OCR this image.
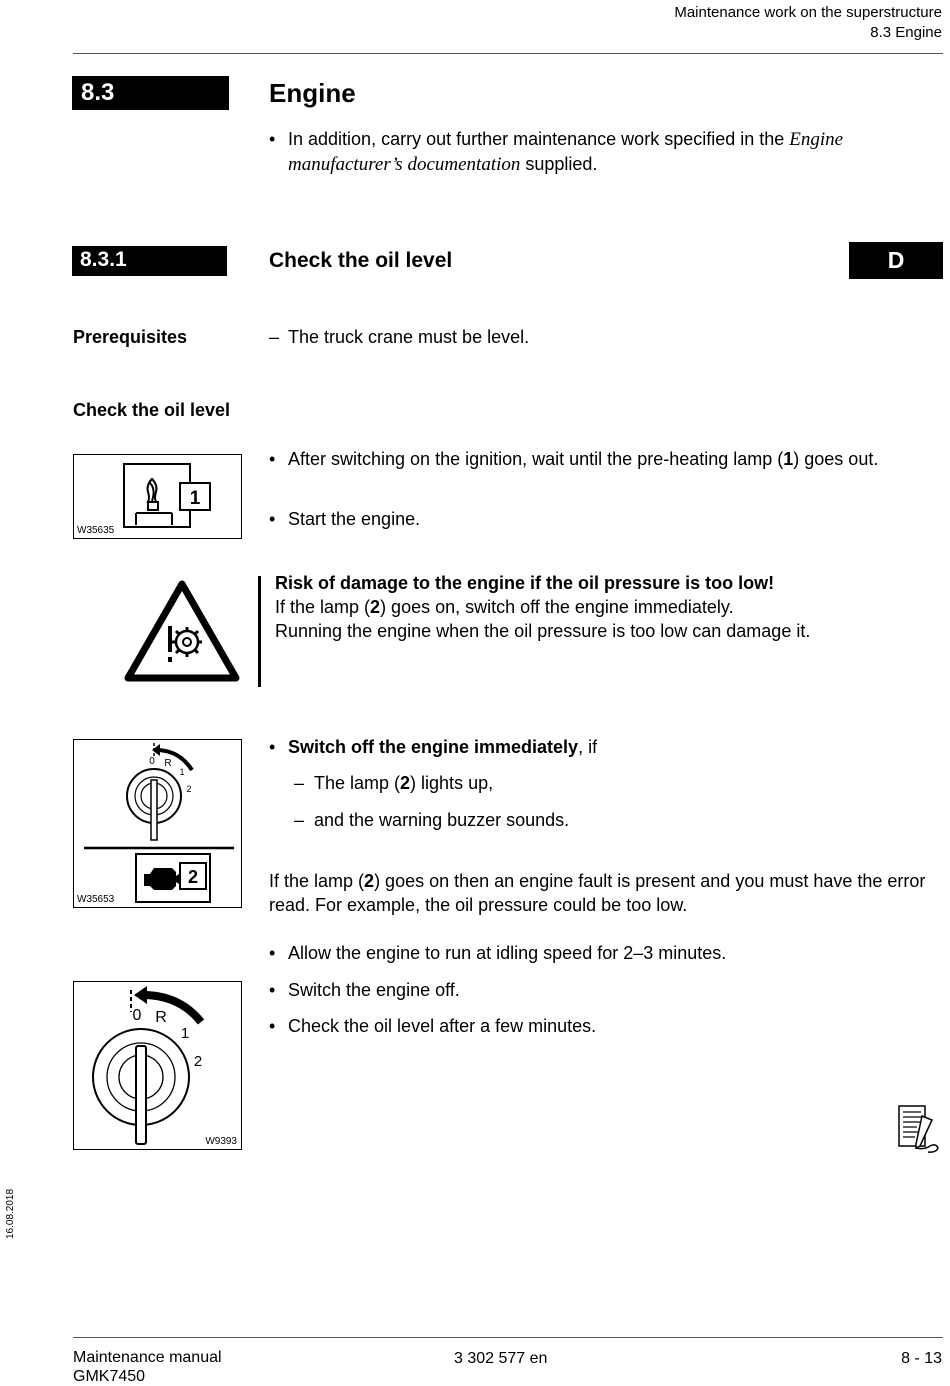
Maintenance work on the superstructure
8.3 Engine
8.3	Engine
• In addition, carry out further maintenance work specified in the Engine manufacturer’s documentation supplied.
8.3.1	Check the oil level	D
Prerequisites	– The truck crane must be level.
Check the oil level
1
W35635
• After switching on the ignition, wait until the pre-heating lamp (1) goes out.
• Start the engine.
Risk of damage to the engine if the oil pressure is too low!
If the lamp (2) goes on, switch off the engine immediately.
Running the engine when the oil pressure is too low can damage it.
0 R
1
2
2
W35653
• Switch off the engine immediately, if
– The lamp (2) lights up,
– and the warning buzzer sounds.
If the lamp (2) goes on then an engine fault is present and you must have the error read. For example, the oil pressure could be too low.
• Allow the engine to run at idling speed for 2–3 minutes.
• Switch the engine off.
• Check the oil level after a few minutes.
0 R
1
2
W9393
16.08.2018
Maintenance manual
GMK7450
3 302 577 en	8 - 13
